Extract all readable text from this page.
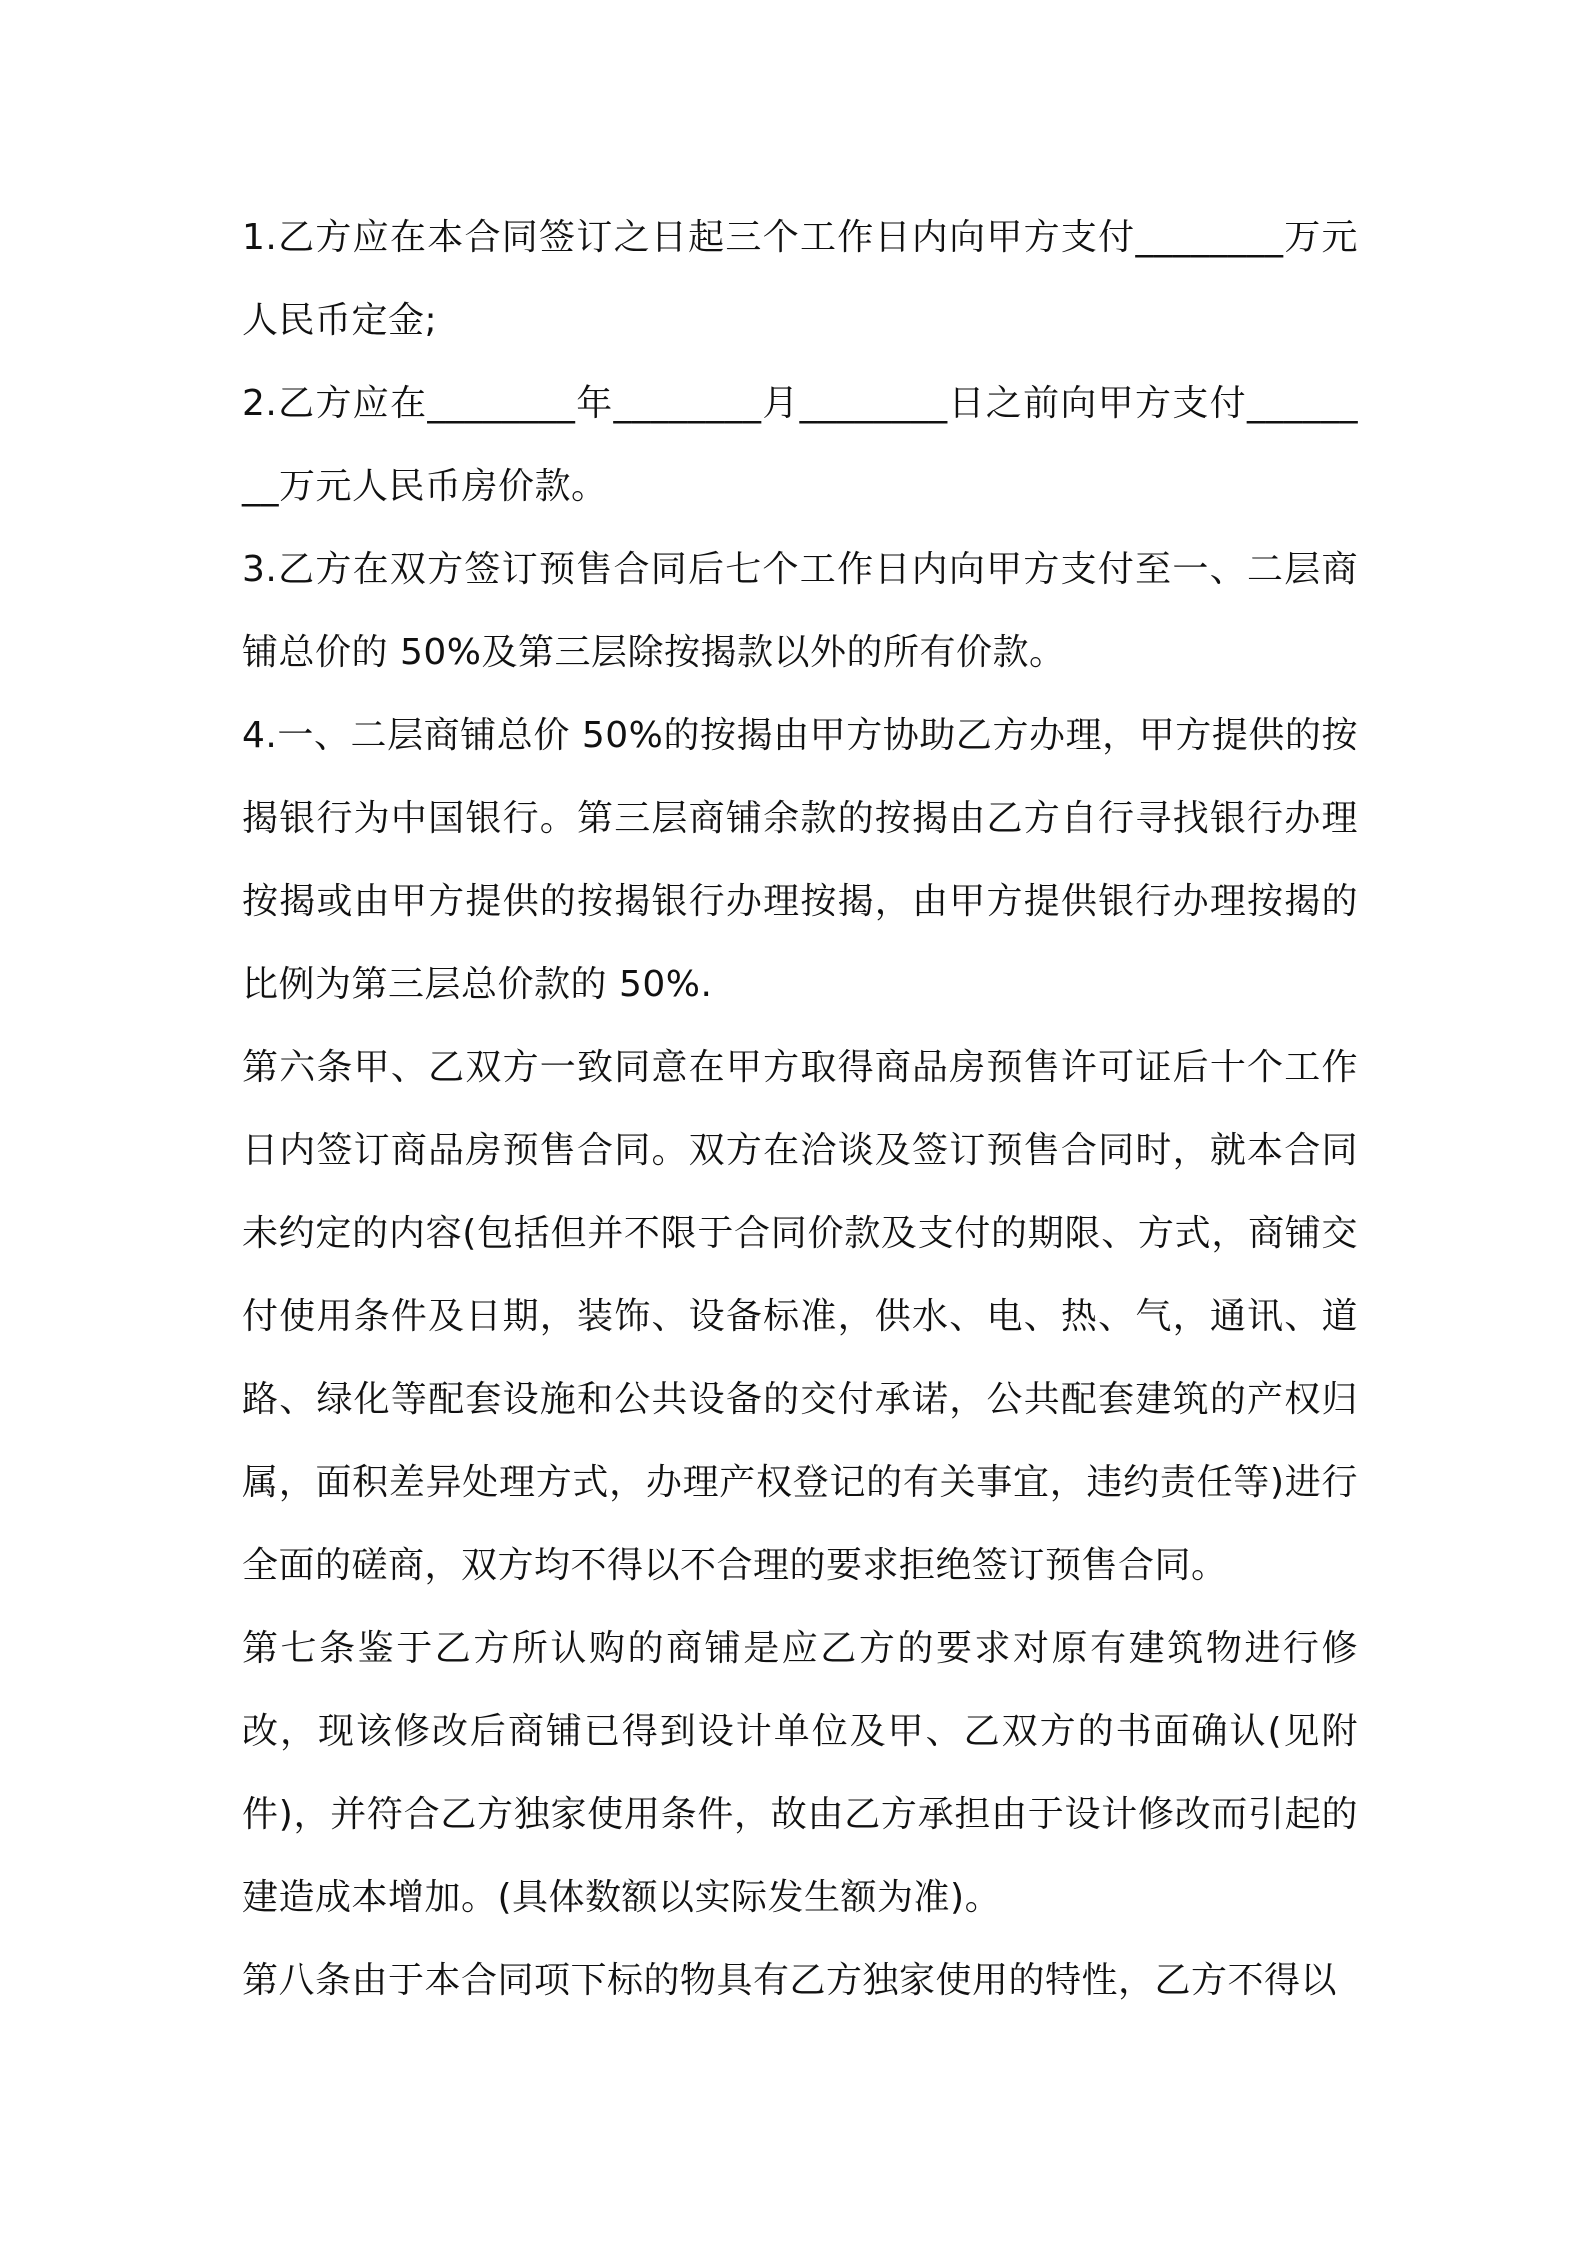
1.乙方应在本合同签订之日起三个工作日内向甲方支付________万元人民币定金;

2.乙方应在________年________月________日之前向甲方支付________万元人民币房价款。

3.乙方在双方签订预售合同后七个工作日内向甲方支付至一、二层商铺总价的 50%及第三层除按揭款以外的所有价款。

4.一、二层商铺总价 50%的按揭由甲方协助乙方办理，甲方提供的按揭银行为中国银行。第三层商铺余款的按揭由乙方自行寻找银行办理按揭或由甲方提供的按揭银行办理按揭，由甲方提供银行办理按揭的比例为第三层总价款的 50%.

第六条甲、乙双方一致同意在甲方取得商品房预售许可证后十个工作日内签订商品房预售合同。双方在洽谈及签订预售合同时，就本合同未约定的内容(包括但并不限于合同价款及支付的期限、方式，商铺交付使用条件及日期，装饰、设备标准，供水、电、热、气，通讯、道路、绿化等配套设施和公共设备的交付承诺，公共配套建筑的产权归属，面积差异处理方式，办理产权登记的有关事宜，违约责任等)进行全面的磋商，双方均不得以不合理的要求拒绝签订预售合同。

第七条鉴于乙方所认购的商铺是应乙方的要求对原有建筑物进行修改，现该修改后商铺已得到设计单位及甲、乙双方的书面确认(见附件)，并符合乙方独家使用条件，故由乙方承担由于设计修改而引起的建造成本增加。(具体数额以实际发生额为准)。

第八条由于本合同项下标的物具有乙方独家使用的特性，乙方不得以
